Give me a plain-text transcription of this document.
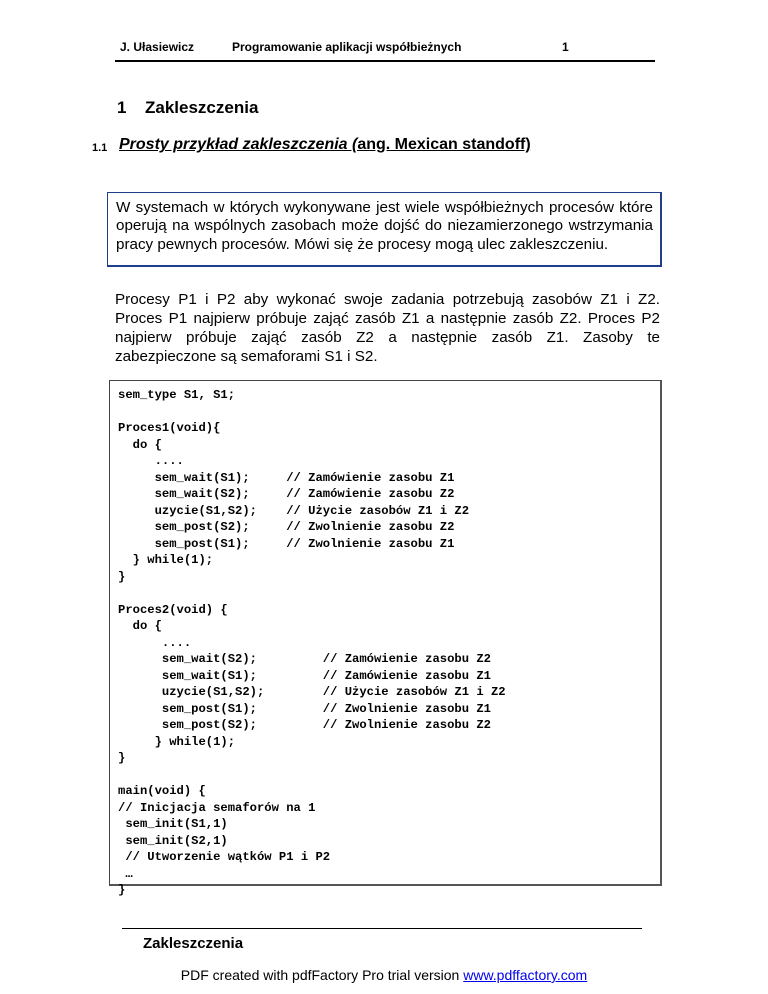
J. Ułasiewicz	Programowanie aplikacji współbieżnych	1
1 Zakleszczenia
1.1 Prosty przykład zakleszczenia (ang. Mexican standoff)
W systemach w których wykonywane jest wiele współbieżnych procesów które operują na wspólnych zasobach może dojść do niezamierzonego wstrzymania pracy pewnych procesów. Mówi się że procesy mogą ulec zakleszczeniu.
Procesy P1 i P2 aby wykonać swoje zadania potrzebują zasobów Z1 i Z2. Proces P1 najpierw próbuje zająć zasób Z1 a następnie zasób Z2. Proces P2 najpierw próbuje zająć zasób Z2 a następnie zasób Z1. Zasoby te zabezpieczone są semaforami S1 i S2.
sem_type S1, S1;

Proces1(void){
do {
....
sem_wait(S1);     // Zamówienie zasobu Z1
sem_wait(S2);     // Zamówienie zasobu Z2
uzycie(S1,S2);    // Użycie zasobów Z1 i Z2
sem_post(S2);     // Zwolnienie zasobu Z2
sem_post(S1);     // Zwolnienie zasobu Z1
} while(1);
}

Proces2(void) {
do {
....
sem_wait(S2);         // Zamówienie zasobu Z2
sem_wait(S1);         // Zamówienie zasobu Z1
uzycie(S1,S2);        // Użycie zasobów Z1 i Z2
sem_post(S1);         // Zwolnienie zasobu Z1
sem_post(S2);         // Zwolnienie zasobu Z2
} while(1);
}

main(void) {
// Inicjacja semaforów na 1
sem_init(S1,1)
sem_init(S2,1)
// Utworzenie wątków P1 i P2
…
}
Zakleszczenia
PDF created with pdfFactory Pro trial version www.pdffactory.com
